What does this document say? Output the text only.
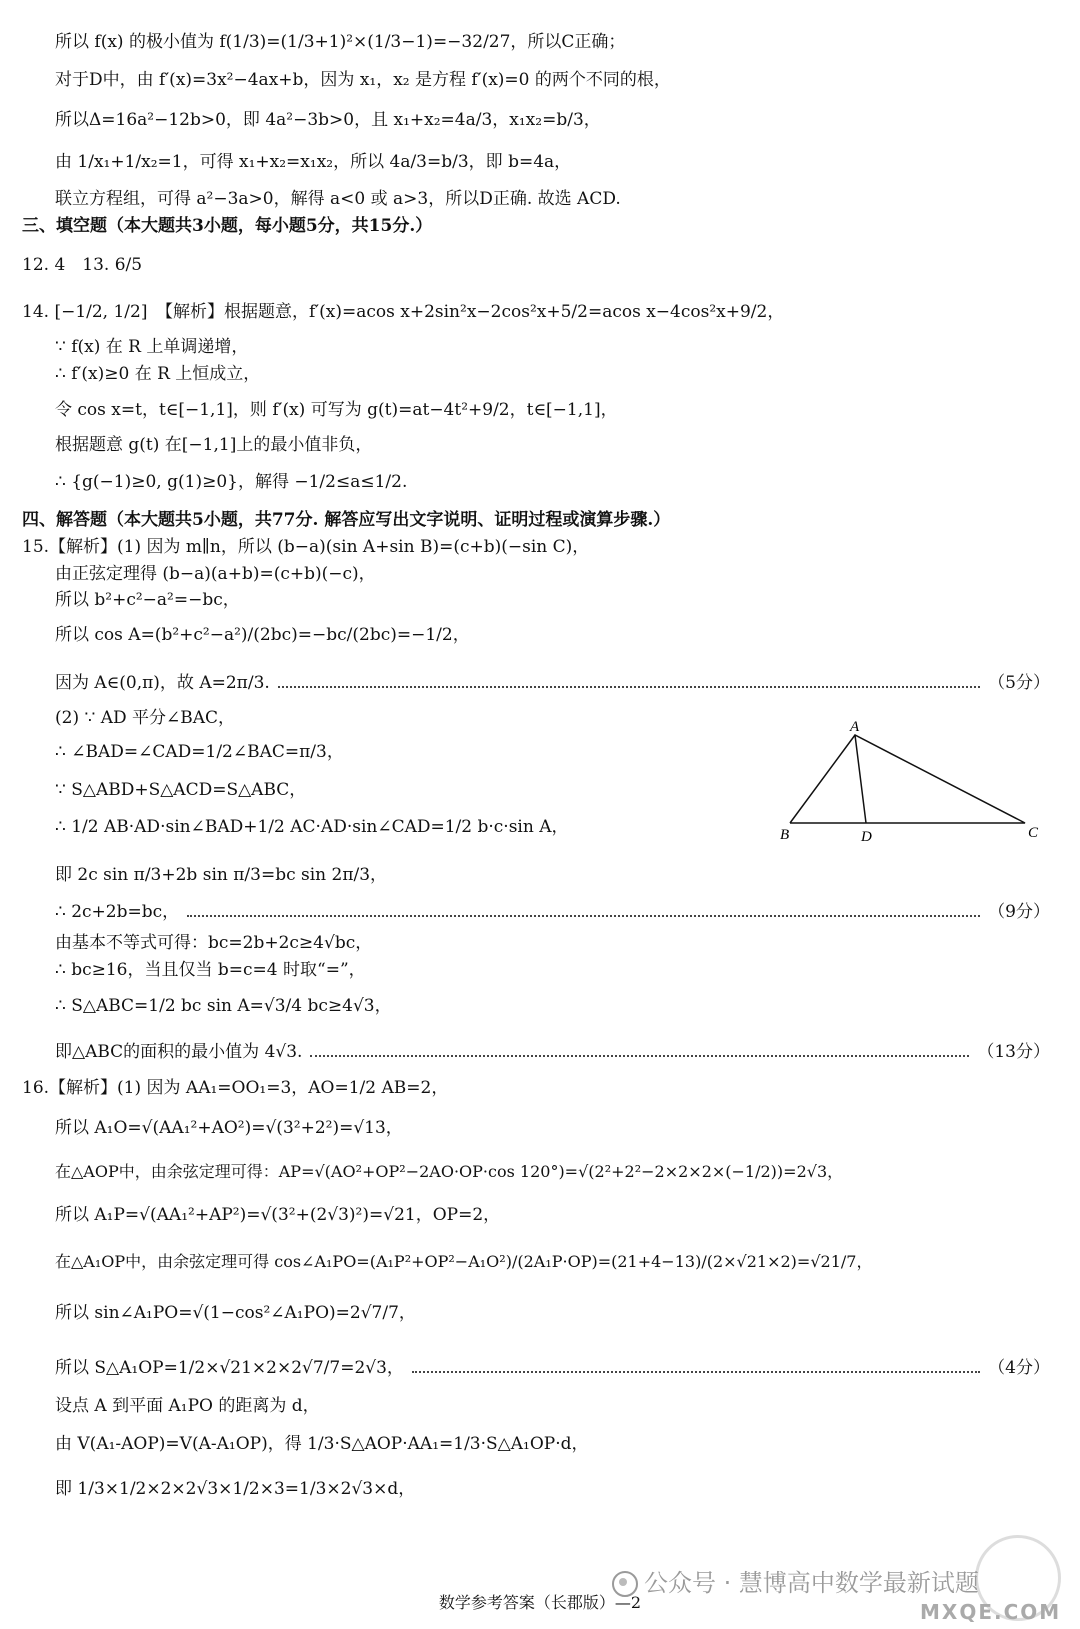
所以 f(x) 的极小值为 f(1/3)=(1/3+1)²×(1/3−1)=−32/27，所以C正确；
对于D中，由 f′(x)=3x²−4ax+b，因为 x₁，x₂ 是方程 f′(x)=0 的两个不同的根，
所以Δ=16a²−12b>0，即 4a²−3b>0，且 x₁+x₂=4a/3，x₁x₂=b/3，
由 1/x₁+1/x₂=1，可得 x₁+x₂=x₁x₂，所以 4a/3=b/3，即 b=4a，
联立方程组，可得 a²−3a>0，解得 a<0 或 a>3，所以D正确. 故选 ACD.
三、填空题（本大题共3小题，每小题5分，共15分.）
12. 4　13. 6/5
14. [−1/2, 1/2]　【解析】根据题意，f′(x)=acos x+2sin²x−2cos²x+5/2=acos x−4cos²x+9/2，
∵ f(x) 在 R 上单调递增，
∴ f′(x)≥0 在 R 上恒成立，
令 cos x=t，t∈[−1,1]，则 f′(x) 可写为 g(t)=at−4t²+9/2，t∈[−1,1]，
根据题意 g(t) 在[−1,1]上的最小值非负，
∴ {g(−1)≥0, g(1)≥0}，解得 −1/2≤a≤1/2.
四、解答题（本大题共5小题，共77分. 解答应写出文字说明、证明过程或演算步骤.）
15.【解析】(1) 因为 m∥n，所以 (b−a)(sin A+sin B)=(c+b)(−sin C)，
由正弦定理得 (b−a)(a+b)=(c+b)(−c)，
所以 b²+c²−a²=−bc，
所以 cos A=(b²+c²−a²)/(2bc)=−bc/(2bc)=−1/2，
因为 A∈(0,π)，故 A=2π/3.	（5分）
(2) ∵ AD 平分∠BAC，
∴ ∠BAD=∠CAD=1/2∠BAC=π/3，
∵ S△ABD+S△ACD=S△ABC，
∴ 1/2 AB·AD·sin∠BAD+1/2 AC·AD·sin∠CAD=1/2 b·c·sin A，
即 2c sin π/3+2b sin π/3=bc sin 2π/3，
∴ 2c+2b=bc，	（9分）
由基本不等式可得：bc=2b+2c≥4√bc，
∴ bc≥16，当且仅当 b=c=4 时取“=”，
∴ S△ABC=1/2 bc sin A=√3/4 bc≥4√3，
即△ABC的面积的最小值为 4√3.	（13分）
16.【解析】(1) 因为 AA₁=OO₁=3，AO=1/2 AB=2，
所以 A₁O=√(AA₁²+AO²)=√(3²+2²)=√13，
在△AOP中，由余弦定理可得：AP=√(AO²+OP²−2AO·OP·cos 120°)=√(2²+2²−2×2×2×(−1/2))=2√3，
所以 A₁P=√(AA₁²+AP²)=√(3²+(2√3)²)=√21，OP=2，
在△A₁OP中，由余弦定理可得 cos∠A₁PO=(A₁P²+OP²−A₁O²)/(2A₁P·OP)=(21+4−13)/(2×√21×2)=√21/7，
所以 sin∠A₁PO=√(1−cos²∠A₁PO)=2√7/7，
所以 S△A₁OP=1/2×√21×2×2√7/7=2√3，	（4分）
设点 A 到平面 A₁PO 的距离为 d，
由 V(A₁-AOP)=V(A-A₁OP)，得 1/3·S△AOP·AA₁=1/3·S△A₁OP·d，
即 1/3×1/2×2×2√3×1/2×3=1/3×2√3×d，
A
B	D	C
公众号 · 慧博高中数学最新试题
数学参考答案（长郡版）—2	MXQE.COM
